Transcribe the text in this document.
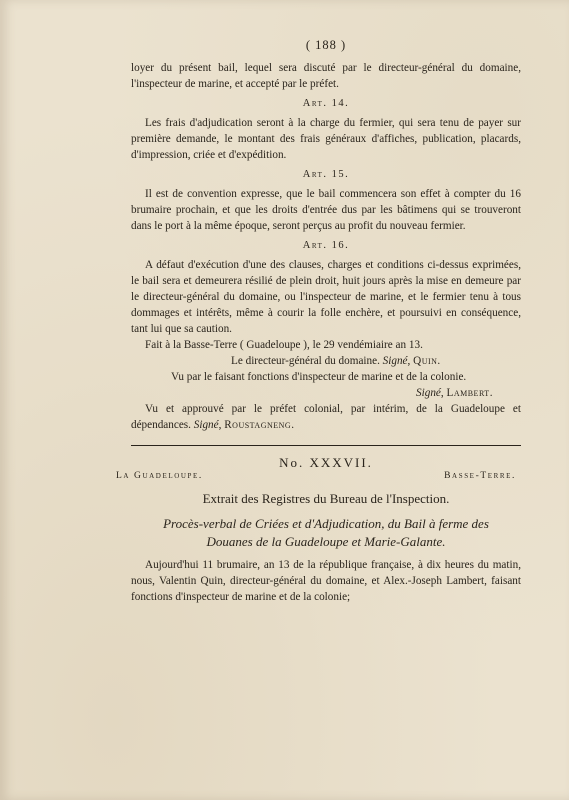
( 188 )

loyer du présent bail, lequel sera discuté par le directeur-général du domaine, l'inspecteur de marine, et accepté par le préfet.

Art. 14.

Les frais d'adjudication seront à la charge du fermier, qui sera tenu de payer sur première demande, le montant des frais généraux d'affiches, publication, placards, d'impression, criée et d'expédition.

Art. 15.

Il est de convention expresse, que le bail commencera son effet à compter du 16 brumaire prochain, et que les droits d'entrée dus par les bâtimens qui se trouveront dans le port à la même époque, seront perçus au profit du nouveau fermier.

Art. 16.

A défaut d'exécution d'une des clauses, charges et conditions ci-dessus exprimées, le bail sera et demeurera résilié de plein droit, huit jours après la mise en demeure par le directeur-général du domaine, ou l'inspecteur de marine, et le fermier tenu à tous dommages et intérêts, même à courir la folle enchère, et poursuivi en conséquence, tant lui que sa caution.

Fait à la Basse-Terre ( Guadeloupe ), le 29 vendémiaire an 13.

Le directeur-général du domaine. Signé, Quin.

Vu par le faisant fonctions d'inspecteur de marine et de la colonie.

Signé, Lambert.

Vu et approuvé par le préfet colonial, par intérim, de la Guadeloupe et dépendances. Signé, Roustagneng.

No. XXXVII.
La Guadeloupe.	Basse-Terre.
Extrait des Registres du Bureau de l'Inspection.
Procès-verbal de Criées et d'Adjudication, du Bail à ferme des
Douanes de la Guadeloupe et Marie-Galante.

Aujourd'hui 11 brumaire, an 13 de la république française, à dix heures du matin, nous, Valentin Quin, directeur-général du domaine, et Alex.-Joseph Lambert, faisant fonctions d'inspecteur de marine et de la colonie;
